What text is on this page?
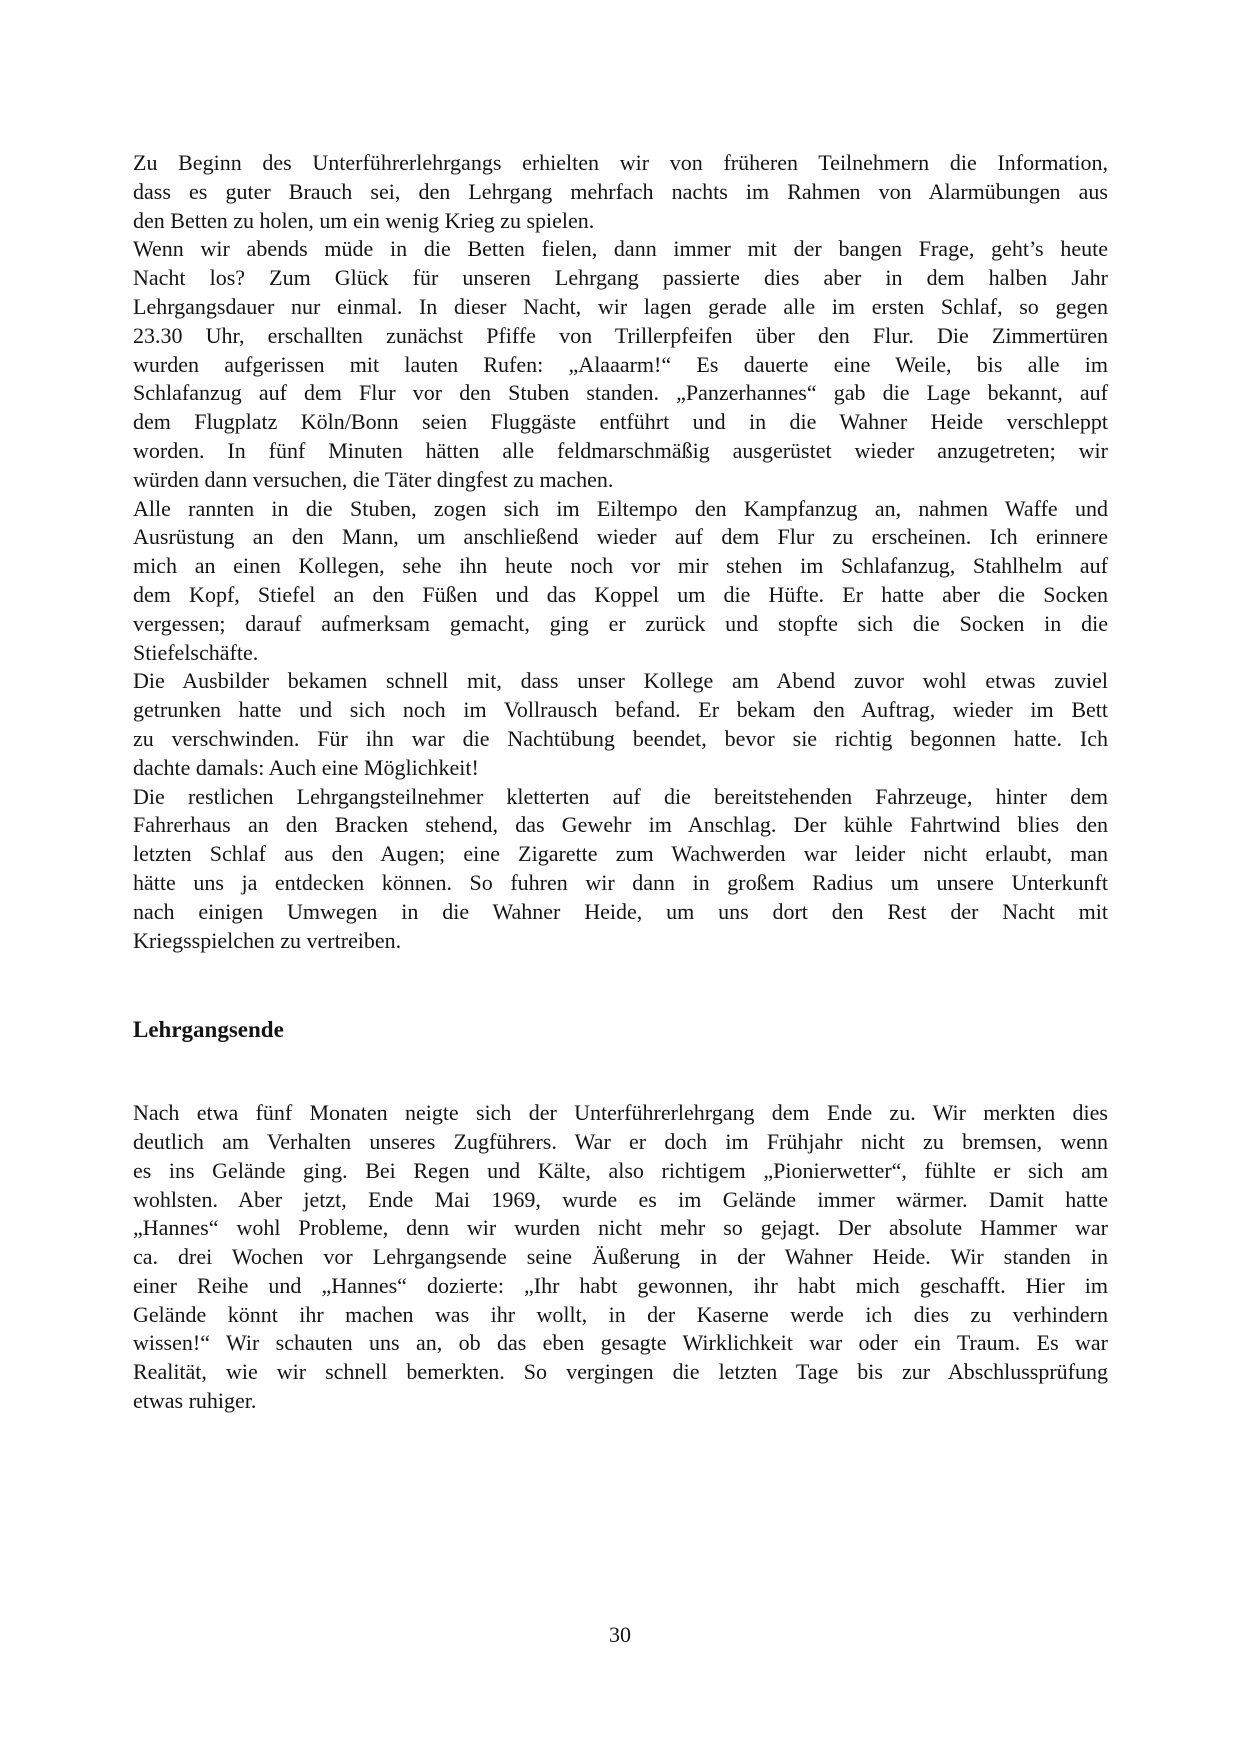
Zu Beginn des Unterführerlehrgangs erhielten wir von früheren Teilnehmern die Information,
dass es guter Brauch sei, den Lehrgang mehrfach nachts im Rahmen von Alarmübungen aus
den Betten zu holen, um ein wenig Krieg zu spielen.

Wenn wir abends müde in die Betten fielen, dann immer mit der bangen Frage, geht’s heute
Nacht los? Zum Glück für unseren Lehrgang passierte dies aber in dem halben Jahr
Lehrgangsdauer nur einmal. In dieser Nacht, wir lagen gerade alle im ersten Schlaf, so gegen
23.30 Uhr, erschallten zunächst Pfiffe von Trillerpfeifen über den Flur. Die Zimmertüren
wurden aufgerissen mit lauten Rufen: „Alaaarm!“ Es dauerte eine Weile, bis alle im
Schlafanzug auf dem Flur vor den Stuben standen. „Panzerhannes“ gab die Lage bekannt, auf
dem Flugplatz Köln/Bonn seien Fluggäste entführt und in die Wahner Heide verschleppt
worden. In fünf Minuten hätten alle feldmarschmäßig ausgerüstet wieder anzugetreten; wir
würden dann versuchen, die Täter dingfest zu machen.

Alle rannten in die Stuben, zogen sich im Eiltempo den Kampfanzug an, nahmen Waffe und
Ausrüstung an den Mann, um anschließend wieder auf dem Flur zu erscheinen. Ich erinnere
mich an einen Kollegen, sehe ihn heute noch vor mir stehen im Schlafanzug, Stahlhelm auf
dem Kopf, Stiefel an den Füßen und das Koppel um die Hüfte. Er hatte aber die Socken
vergessen; darauf aufmerksam gemacht, ging er zurück und stopfte sich die Socken in die
Stiefelschäfte.

Die Ausbilder bekamen schnell mit, dass unser Kollege am Abend zuvor wohl etwas zuviel
getrunken hatte und sich noch im Vollrausch befand. Er bekam den Auftrag, wieder im Bett
zu verschwinden. Für ihn war die Nachtübung beendet, bevor sie richtig begonnen hatte. Ich
dachte damals: Auch eine Möglichkeit!

Die restlichen Lehrgangsteilnehmer kletterten auf die bereitstehenden Fahrzeuge, hinter dem
Fahrerhaus an den Bracken stehend, das Gewehr im Anschlag. Der kühle Fahrtwind blies den
letzten Schlaf aus den Augen; eine Zigarette zum Wachwerden war leider nicht erlaubt, man
hätte uns ja entdecken können. So fuhren wir dann in großem Radius um unsere Unterkunft
nach einigen Umwegen in die Wahner Heide, um uns dort den Rest der Nacht mit
Kriegsspielchen zu vertreiben.

Lehrgangsende

Nach etwa fünf Monaten neigte sich der Unterführerlehrgang dem Ende zu. Wir merkten dies
deutlich am Verhalten unseres Zugführers. War er doch im Frühjahr nicht zu bremsen, wenn
es ins Gelände ging. Bei Regen und Kälte, also richtigem „Pionierwetter“, fühlte er sich am
wohlsten. Aber jetzt, Ende Mai 1969, wurde es im Gelände immer wärmer. Damit hatte
„Hannes“ wohl Probleme, denn wir wurden nicht mehr so gejagt. Der absolute Hammer war
ca. drei Wochen vor Lehrgangsende seine Äußerung in der Wahner Heide. Wir standen in
einer Reihe und „Hannes“ dozierte: „Ihr habt gewonnen, ihr habt mich geschafft. Hier im
Gelände könnt ihr machen was ihr wollt, in der Kaserne werde ich dies zu verhindern
wissen!“ Wir schauten uns an, ob das eben gesagte Wirklichkeit war oder ein Traum. Es war
Realität, wie wir schnell bemerkten. So vergingen die letzten Tage bis zur Abschlussprüfung
etwas ruhiger.

30
